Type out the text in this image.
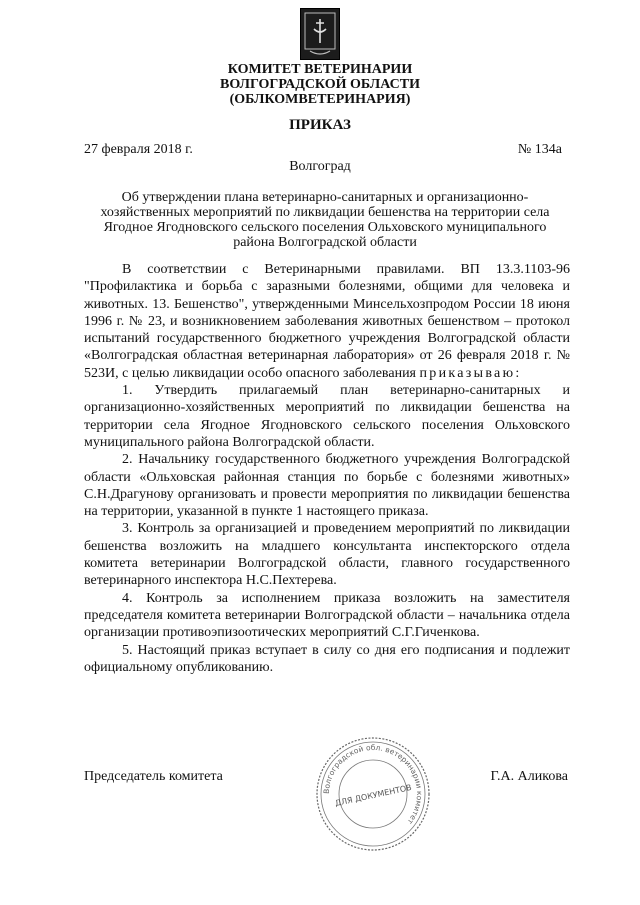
КОМИТЕТ ВЕТЕРИНАРИИ
ВОЛГОГРАДСКОЙ ОБЛАСТИ
(ОБЛКОМВЕТЕРИНАРИЯ)
ПРИКАЗ
27 февраля 2018 г.	№ 134а
Волгоград
Об утверждении плана ветеринарно-санитарных и организационно-хозяйственных мероприятий по ликвидации бешенства на территории села Ягодное Ягодновского сельского поселения Ольховского муниципального района Волгоградской области

В соответствии с Ветеринарными правилами. ВП 13.3.1103-96 "Профилактика и борьба с заразными болезнями, общими для человека и животных. 13. Бешенство", утвержденными Минсельхозпродом России 18 июня 1996 г. № 23, и возникновением заболевания животных бешенством – протокол испытаний государственного бюджетного учреждения Волгоградской области «Волгоградская областная ветеринарная лаборатория» от 26 февраля 2018 г. № 523И, с целью ликвидации особо опасного заболевания приказываю:

1. Утвердить прилагаемый план ветеринарно-санитарных и организационно-хозяйственных мероприятий по ликвидации бешенства на территории села Ягодное Ягодновского сельского поселения Ольховского муниципального района Волгоградской области.

2. Начальнику государственного бюджетного учреждения Волгоградской области «Ольховская районная станция по борьбе с болезнями животных» С.Н.Драгунову организовать и провести мероприятия по ликвидации бешенства на территории, указанной в пункте 1 настоящего приказа.

3. Контроль за организацией и проведением мероприятий по ликвидации бешенства возложить на младшего консультанта инспекторского отдела комитета ветеринарии Волгоградской области, главного государственного ветеринарного инспектора Н.С.Пехтерева.

4. Контроль за исполнением приказа возложить на заместителя председателя комитета ветеринарии Волгоградской области – начальника отдела организации противоэпизоотических мероприятий С.Г.Гиченкова.

5. Настоящий приказ вступает в силу со дня его подписания и подлежит официальному опубликованию.

Председатель комитета	Г.А. Аликова
Волгоградской обл. ветеринарии комитет
ДЛЯ ДОКУМЕНТОВ
